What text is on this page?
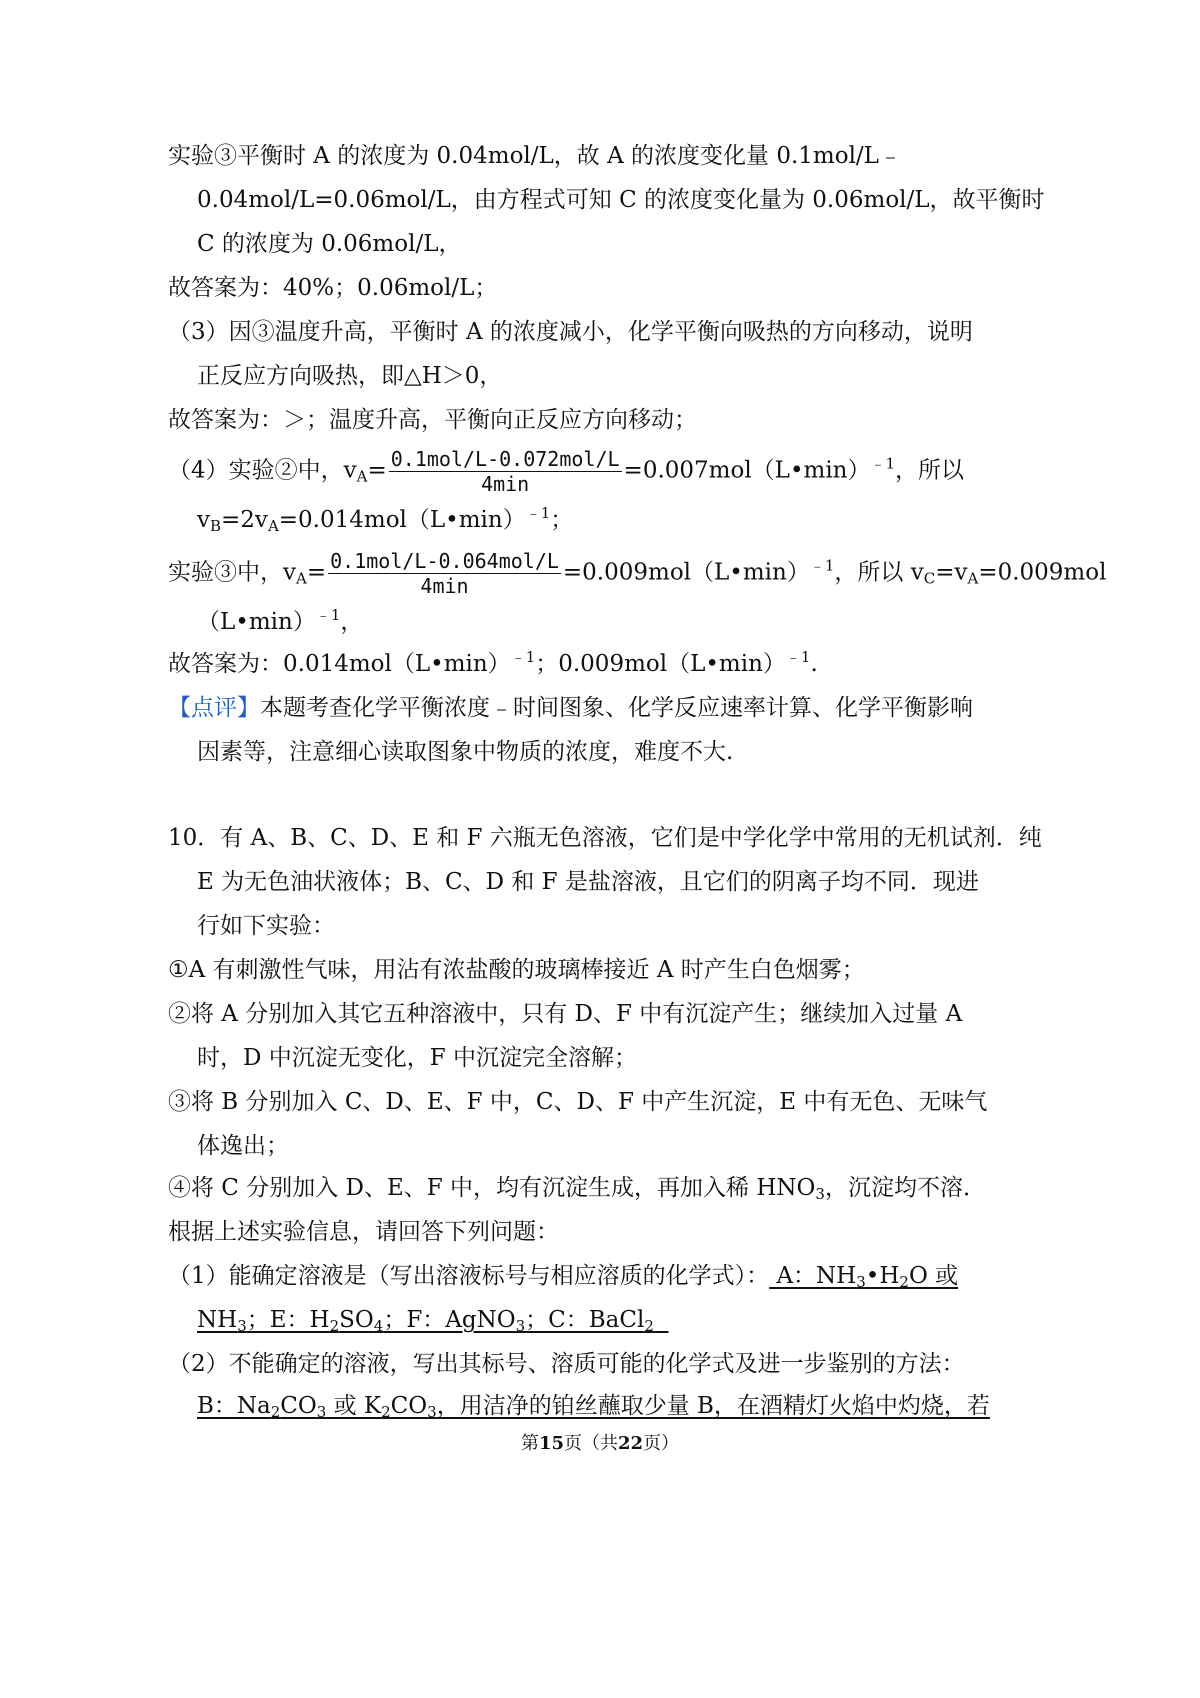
实验③平衡时 A 的浓度为 0.04mol/L，故 A 的浓度变化量 0.1mol/L﹣
0.04mol/L=0.06mol/L，由方程式可知 C 的浓度变化量为 0.06mol/L，故平衡时
C 的浓度为 0.06mol/L，
故答案为：40%；0.06mol/L；
（3）因③温度升高，平衡时 A 的浓度减小，化学平衡向吸热的方向移动，说明
正反应方向吸热，即△H＞0，
故答案为：＞；温度升高，平衡向正反应方向移动；
（4）实验②中，$v_A= \frac{\text{0.1mol/L-0.072mol/L}}{4\min}$ =0.007mol（L•min）$^{﹣1}$，所以
$v_B=2v_A=0.014mol(L•\min)^{﹣1}$；
实验③中，$v_A= \frac{\text{0.1mol/L-0.064mol/L}}{4\min}$ =0.009mol（L•min）$^{﹣1}$，所以 $v_C=v_A=0.009mol$
（L•min）$^{﹣1}$，
故答案为：0.014mol（L•min）$^{﹣1}$；0.009mol（L•min）$^{﹣1}$.
【点评】本题考查化学平衡浓度﹣时间图象、化学反应速率计算、化学平衡影响
因素等，注意细心读取图象中物质的浓度，难度不大.
10．有 A、B、C、D、E 和 F 六瓶无色溶液，它们是中学化学中常用的无机试剂．纯
E 为无色油状液体；B、C、D 和 F 是盐溶液，且它们的阴离子均不同．现进
行如下实验：
①A 有刺激性气味，用沾有浓盐酸的玻璃棒接近 A 时产生白色烟雾；
②将 A 分别加入其它五种溶液中，只有 D、F 中有沉淀产生；继续加入过量 A
时，D 中沉淀无变化，F 中沉淀完全溶解；
③将 B 分别加入 C、D、E、F 中，C、D、F 中产生沉淀，E 中有无色、无味气
体逸出；
④将 C 分别加入 D、E、F 中，均有沉淀生成，再加入稀 $HNO_3$，沉淀均不溶．
根据上述实验信息，请回答下列问题：
（1）能确定溶液是（写出溶液标号与相应溶质的化学式）： A：$NH_3•H_2O$ 或
$NH_3$；E：$H_2SO_4$；F：AgNO$_3$；C：BaCl$_2$
（2）不能确定的溶液，写出其标号、溶质可能的化学式及进一步鉴别的方法：
B：$Na_2CO_3$ 或 $K_2CO_3$，用洁净的铂丝蘸取少量 B，在酒精灯火焰中灼烧，若
第15页（共22页）
